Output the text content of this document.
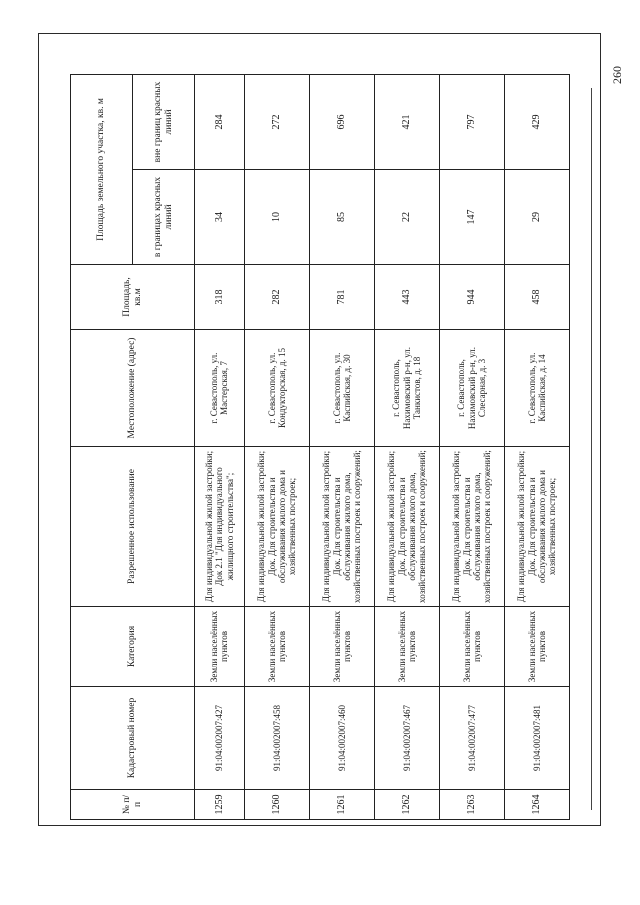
260
№ п/п	Кадастровый номер	Категория	Разрешенное использование	Местоположение (адрес)	Площадь, кв.м	Площадь земельного участка, кв. м	
						в границах красных линий	вне границ красных линий
1259	91:04:002007:427	Земли населённых пунктов	Для индивидуальной жилой застройки; Док 2.1 "Для индивидуального жилищного строительства";	г. Севастополь, ул. Мастерская, 7	318	34	284
1260	91:04:002007:458	Земли населённых пунктов	Для индивидуальной жилой застройки; Док. Для строительства и обслуживания жилого дома и хозяйственных построек;	г. Севастополь, ул. Кондукторская, д. 15	282	10	272
1261	91:04:002007:460	Земли населённых пунктов	Для индивидуальной жилой застройки; Док. Для строительства и обслуживания жилого дома, хозяйственных построек и сооружений;	г. Севастополь, ул. Каспийская, д. 30	781	85	696
1262	91:04:002007:467	Земли населённых пунктов	Для индивидуальной жилой застройки; Док. Для строительства и обслуживания жилого дома, хозяйственных построек и сооружений;	г. Севастополь, Нахимовский р-н, ул. Танкистов, д. 18	443	22	421
1263	91:04:002007:477	Земли населённых пунктов	Для индивидуальной жилой застройки; Док. Для строительства и обслуживания жилого дома, хозяйственных построек и сооружений;	г. Севастополь, Нахимовский р-н, ул. Слесарная, д. 3	944	147	797
1264	91:04:002007:481	Земли населённых пунктов	Для индивидуальной жилой застройки; Док. Для строительства и обслуживания жилого дома и хозяйственных построек;	г. Севастополь, ул. Каспийская, д. 14	458	29	429
